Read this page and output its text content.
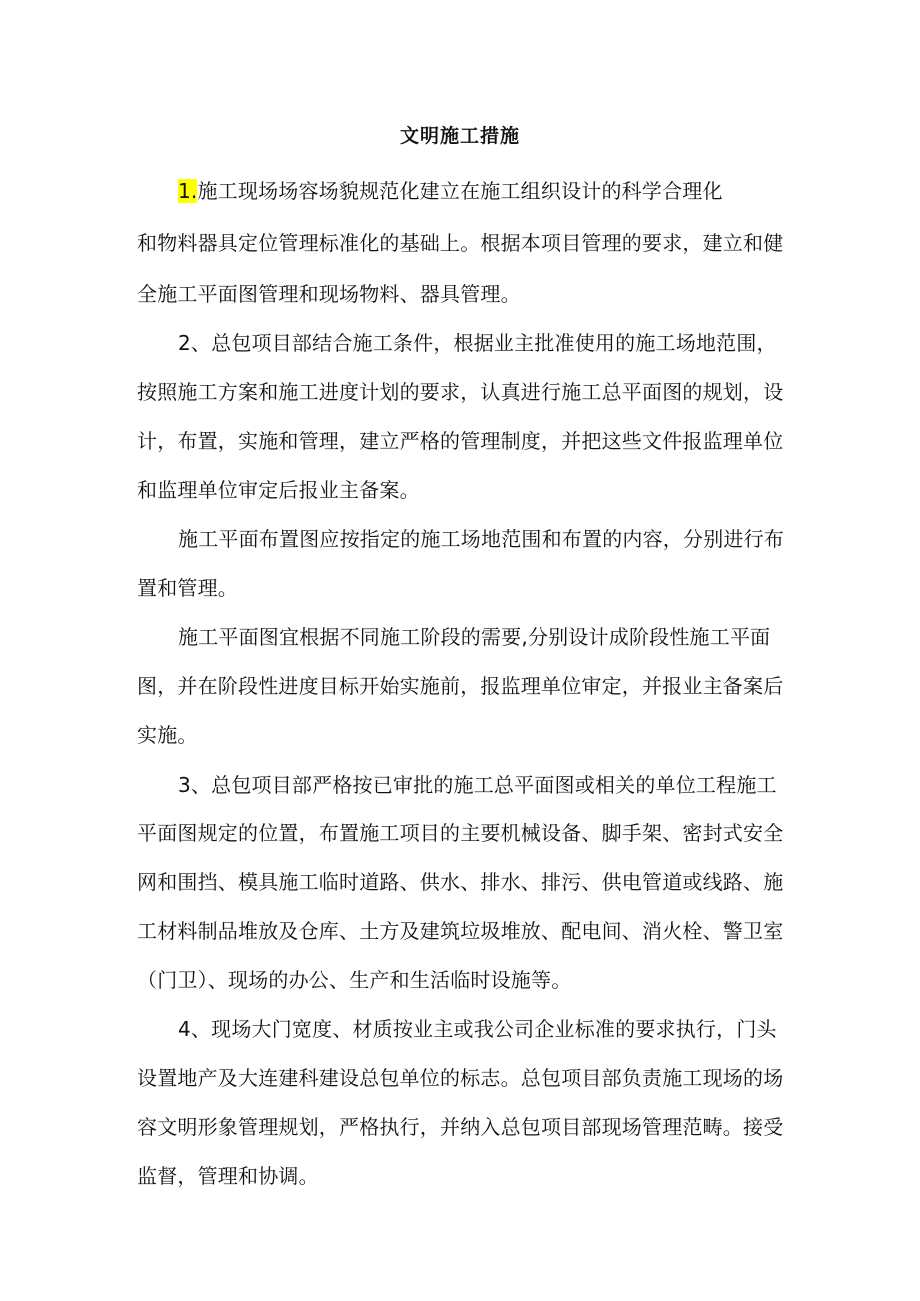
文明施工措施
1.施工现场场容场貌规范化建立在施工组织设计的科学合理化
和物料器具定位管理标准化的基础上。根据本项目管理的要求，建立和健
全施工平面图管理和现场物料、器具管理。
2、总包项目部结合施工条件，根据业主批准使用的施工场地范围，
按照施工方案和施工进度计划的要求，认真进行施工总平面图的规划，设
计，布置，实施和管理，建立严格的管理制度，并把这些文件报监理单位
和监理单位审定后报业主备案。
施工平面布置图应按指定的施工场地范围和布置的内容，分别进行布
置和管理。
施工平面图宜根据不同施工阶段的需要,分别设计成阶段性施工平面
图，并在阶段性进度目标开始实施前，报监理单位审定，并报业主备案后
实施。
3、总包项目部严格按已审批的施工总平面图或相关的单位工程施工
平面图规定的位置，布置施工项目的主要机械设备、脚手架、密封式安全
网和围挡、模具施工临时道路、供水、排水、排污、供电管道或线路、施
工材料制品堆放及仓库、土方及建筑垃圾堆放、配电间、消火栓、警卫室
（门卫）、现场的办公、生产和生活临时设施等。
4、现场大门宽度、材质按业主或我公司企业标准的要求执行，门头
设置地产及大连建科建设总包单位的标志。总包项目部负责施工现场的场
容文明形象管理规划，严格执行，并纳入总包项目部现场管理范畴。接受
监督，管理和协调。
